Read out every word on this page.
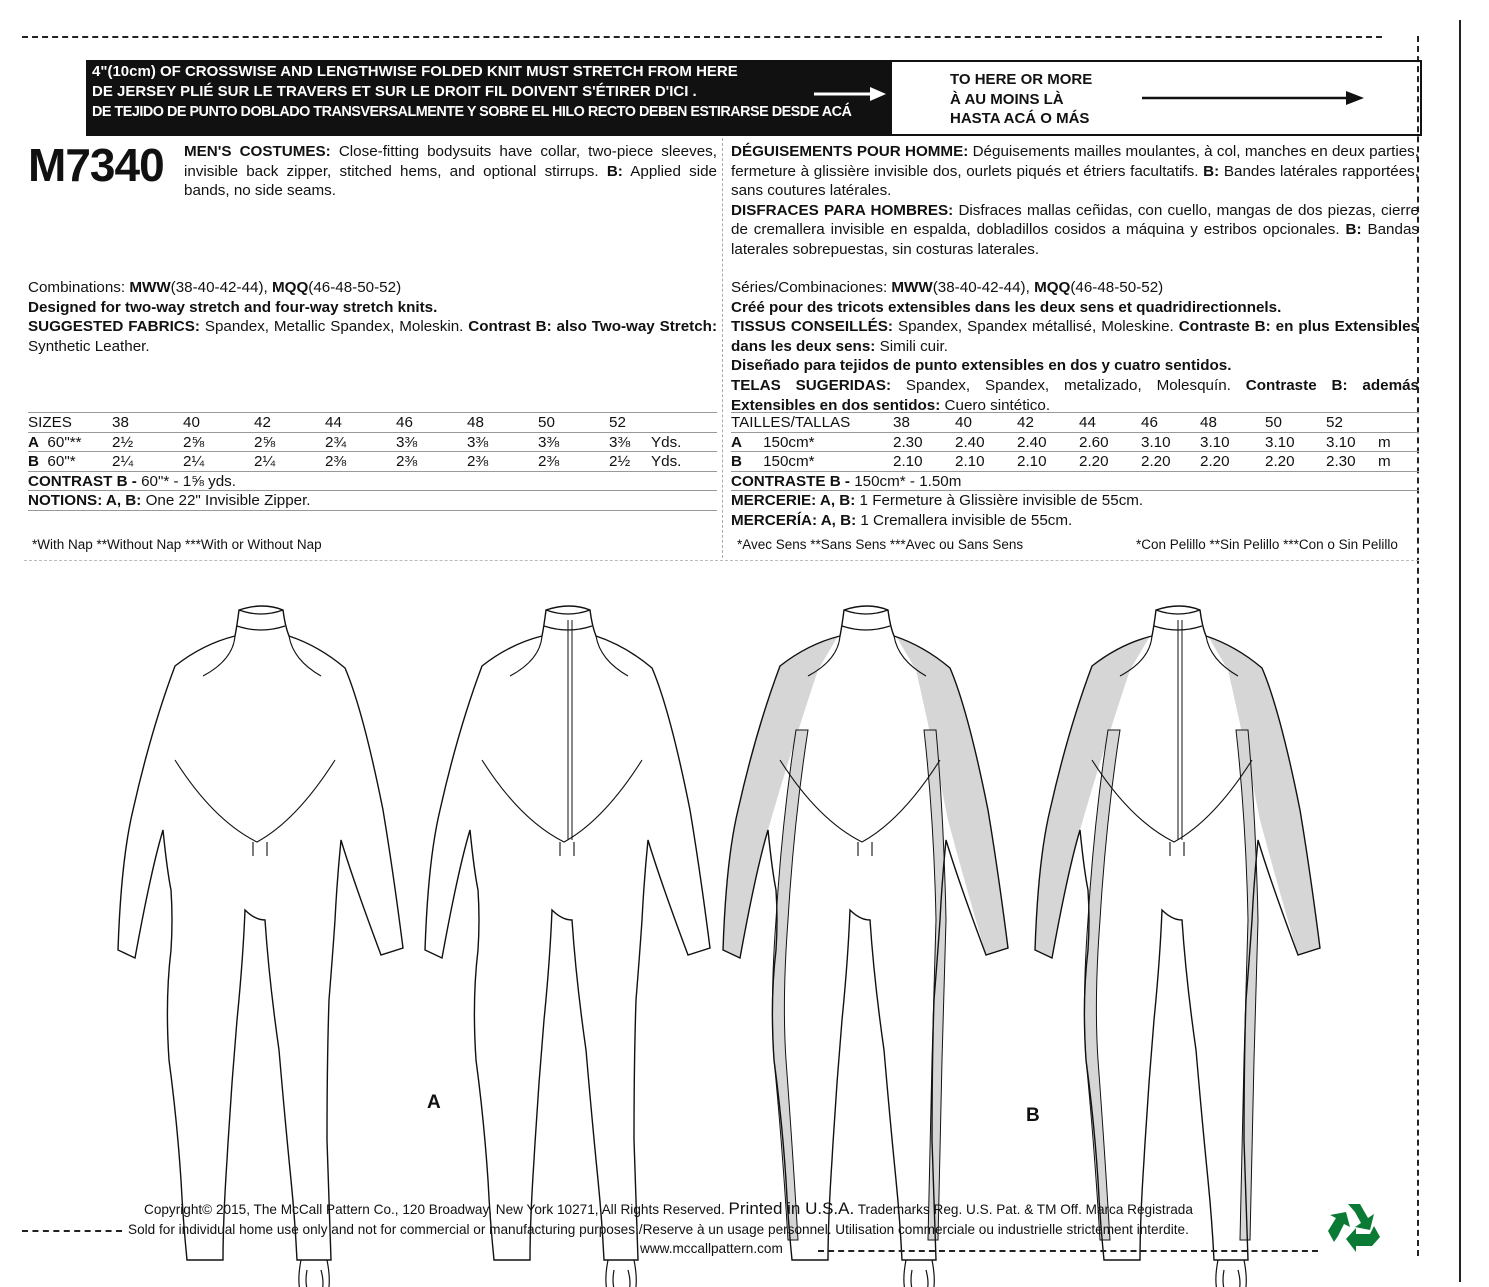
4"(10cm) OF CROSSWISE AND LENGTHWISE FOLDED KNIT MUST STRETCH FROM HERE
DE JERSEY PLIÉ SUR LE TRAVERS ET SUR LE DROIT FIL DOIVENT S'ÉTIRER D'ICI .
DE TEJIDO DE PUNTO DOBLADO TRANSVERSALMENTE Y SOBRE EL HILO RECTO DEBEN ESTIRARSE DESDE ACÁ
TO HERE OR MORE
À AU MOINS LÀ
HASTA ACÁ O MÁS
M7340 MEN'S COSTUMES: Close-fitting bodysuits have collar, two-piece sleeves, invisible back zipper, stitched hems, and optional stirrups. B: Applied side bands, no side seams.
DÉGUISEMENTS POUR HOMME: Déguisements mailles moulantes, à col, manches en deux parties, fermeture à glissière invisible dos, ourlets piqués et étriers facultatifs. B: Bandes latérales rapportées, sans coutures latérales.
DISFRACES PARA HOMBRES: Disfraces mallas ceñidas, con cuello, mangas de dos piezas, cierre de cremallera invisible en espalda, dobladillos cosidos a máquina y estribos opcionales. B: Bandas laterales sobrepuestas, sin costuras laterales.
Combinations: MWW(38-40-42-44), MQQ(46-48-50-52)
Designed for two-way stretch and four-way stretch knits.
SUGGESTED FABRICS: Spandex, Metallic Spandex, Moleskin. Contrast B: also Two-way Stretch: Synthetic Leather.
Séries/Combinaciones: MWW(38-40-42-44), MQQ(46-48-50-52)
Créé pour des tricots extensibles dans les deux sens et quadridirectionnels.
TISSUS CONSEILLÉS: Spandex, Spandex métallisé, Moleskine. Contraste B: en plus Extensibles dans les deux sens: Simili cuir.
Diseñado para tejidos de punto extensibles en dos y cuatro sentidos.
TELAS SUGERIDAS: Spandex, Spandex, metalizado, Molesquín. Contraste B: además Extensibles en dos sentidos: Cuero sintético.
SIZES	38	40	42	44	46	48	50	52	
A 60"**	2½	2⅝	2⅝	2¾	3⅜	3⅜	3⅜	3⅜	Yds.
B 60"*	2¼	2¼	2¼	2⅜	2⅜	2⅜	2⅜	2½	Yds.
CONTRAST B - 60"* - 1⅝ yds.
NOTIONS: A, B: One 22" Invisible Zipper.
*With Nap **Without Nap ***With or Without Nap
TAILLES/TALLAS	38	40	42	44	46	48	50	52	
A 150cm*	2.30	2.40	2.40	2.60	3.10	3.10	3.10	3.10	m
B 150cm*	2.10	2.10	2.10	2.20	2.20	2.20	2.20	2.30	m
CONTRASTE B - 150cm* - 1.50m
MERCERIE: A, B: 1 Fermeture à Glissière invisible de 55cm.
MERCERÍA: A, B: 1 Cremallera invisible de 55cm.
*Avec Sens **Sans Sens ***Avec ou Sans Sens	*Con Pelillo **Sin Pelillo ***Con o Sin Pelillo
A
B
Copyright© 2015, The McCall Pattern Co., 120 Broadway, New York 10271, All Rights Reserved. Printed in U.S.A. Trademarks Reg. U.S. Pat. & TM Off. Marca Registrada
Sold for individual home use only and not for commercial or manufacturing purposes./Reserve à un usage personnel. Utilisation commerciale ou industrielle strictement interdite.
www.mccallpattern.com
